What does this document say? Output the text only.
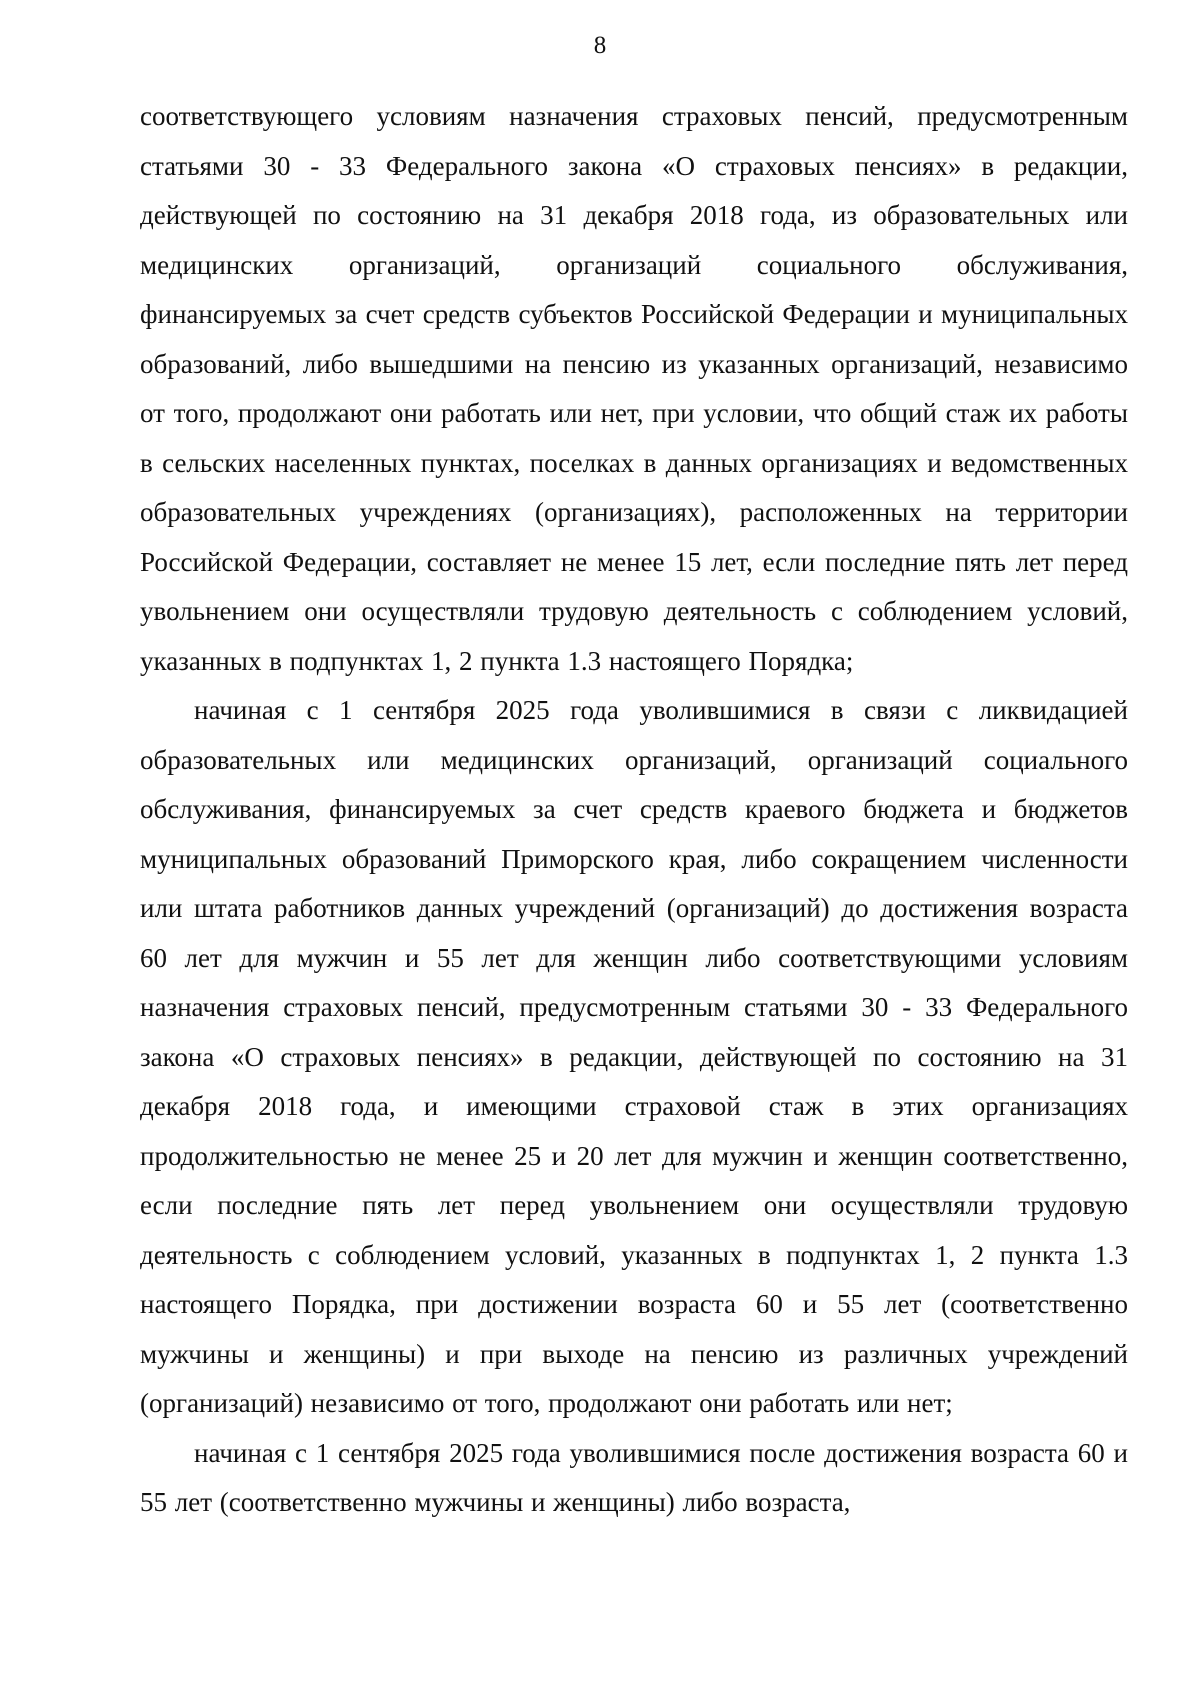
8

соответствующего условиям назначения страховых пенсий, предусмотренным статьями 30 - 33 Федерального закона «О страховых пенсиях» в редакции, действующей по состоянию на 31 декабря 2018 года, из образовательных или медицинских организаций, организаций социального обслуживания, финансируемых за счет средств субъектов Российской Федерации и муниципальных образований, либо вышедшими на пенсию из указанных организаций, независимо от того, продолжают они работать или нет, при условии, что общий стаж их работы в сельских населенных пунктах, поселках в данных организациях и ведомственных образовательных учреждениях (организациях), расположенных на территории Российской Федерации, составляет не менее 15 лет, если последние пять лет перед увольнением они осуществляли трудовую деятельность с соблюдением условий, указанных в подпунктах 1, 2 пункта 1.3 настоящего Порядка;

начиная с 1 сентября 2025 года уволившимися в связи с ликвидацией образовательных или медицинских организаций, организаций социального обслуживания, финансируемых за счет средств краевого бюджета и бюджетов муниципальных образований Приморского края, либо сокращением численности или штата работников данных учреждений (организаций) до достижения возраста 60 лет для мужчин и 55 лет для женщин либо соответствующими условиям назначения страховых пенсий, предусмотренным статьями 30 - 33 Федерального закона «О страховых пенсиях» в редакции, действующей по состоянию на 31 декабря 2018 года, и имеющими страховой стаж в этих организациях продолжительностью не менее 25 и 20 лет для мужчин и женщин соответственно, если последние пять лет перед увольнением они осуществляли трудовую деятельность с соблюдением условий, указанных в подпунктах 1, 2 пункта 1.3 настоящего Порядка, при достижении возраста 60 и 55 лет (соответственно мужчины и женщины) и при выходе на пенсию из различных учреждений (организаций) независимо от того, продолжают они работать или нет;

начиная с 1 сентября 2025 года уволившимися после достижения возраста 60 и 55 лет (соответственно мужчины и женщины) либо возраста,
